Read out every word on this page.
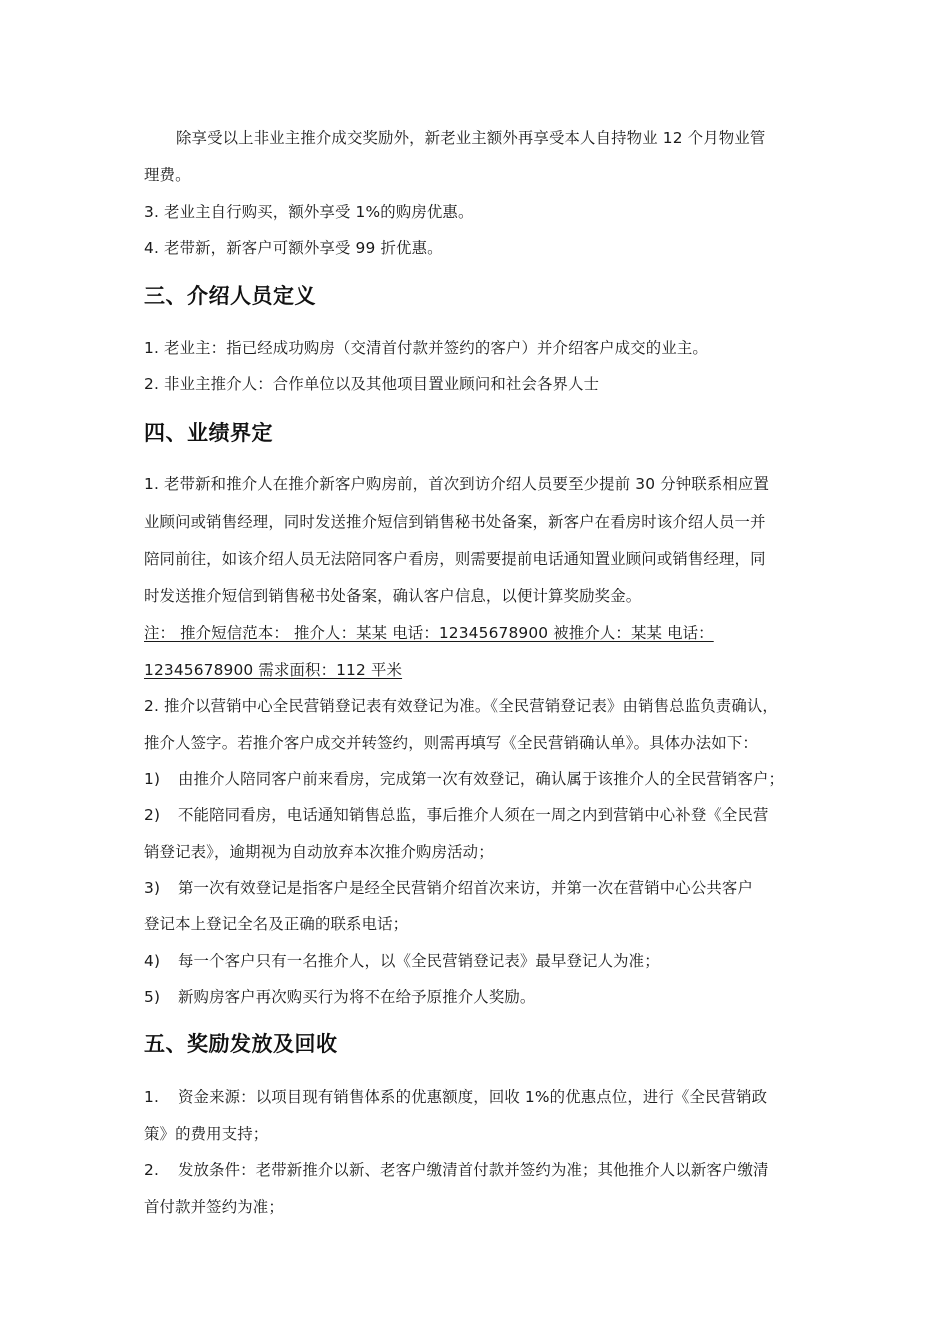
除享受以上非业主推介成交奖励外，新老业主额外再享受本人自持物业 12 个月物业管
理费。
3. 老业主自行购买，额外享受 1%的购房优惠。
4. 老带新，新客户可额外享受 99 折优惠。
三、介绍人员定义
1. 老业主：指已经成功购房（交清首付款并签约的客户）并介绍客户成交的业主。
2. 非业主推介人：合作单位以及其他项目置业顾问和社会各界人士
四、业绩界定
1. 老带新和推介人在推介新客户购房前，首次到访介绍人员要至少提前 30 分钟联系相应置
业顾问或销售经理，同时发送推介短信到销售秘书处备案，新客户在看房时该介绍人员一并
陪同前往，如该介绍人员无法陪同客户看房，则需要提前电话通知置业顾问或销售经理，同
时发送推介短信到销售秘书处备案，确认客户信息，以便计算奖励奖金。
注： 推介短信范本： 推介人：某某 电话：12345678900 被推介人：某某 电话：
12345678900 需求面积：112 平米
2. 推介以营销中心全民营销登记表有效登记为准。《全民营销登记表》由销售总监负责确认，
推介人签字。若推介客户成交并转签约，则需再填写《全民营销确认单》。具体办法如下：
1) 由推介人陪同客户前来看房，完成第一次有效登记，确认属于该推介人的全民营销客户；
2) 不能陪同看房，电话通知销售总监，事后推介人须在一周之内到营销中心补登《全民营
销登记表》，逾期视为自动放弃本次推介购房活动；
3) 第一次有效登记是指客户是经全民营销介绍首次来访，并第一次在营销中心公共客户
登记本上登记全名及正确的联系电话；
4) 每一个客户只有一名推介人，以《全民营销登记表》最早登记人为准；
5) 新购房客户再次购买行为将不在给予原推介人奖励。
五、奖励发放及回收
1. 资金来源：以项目现有销售体系的优惠额度，回收 1%的优惠点位，进行《全民营销政
策》的费用支持；
2. 发放条件：老带新推介以新、老客户缴清首付款并签约为准；其他推介人以新客户缴清
首付款并签约为准；
